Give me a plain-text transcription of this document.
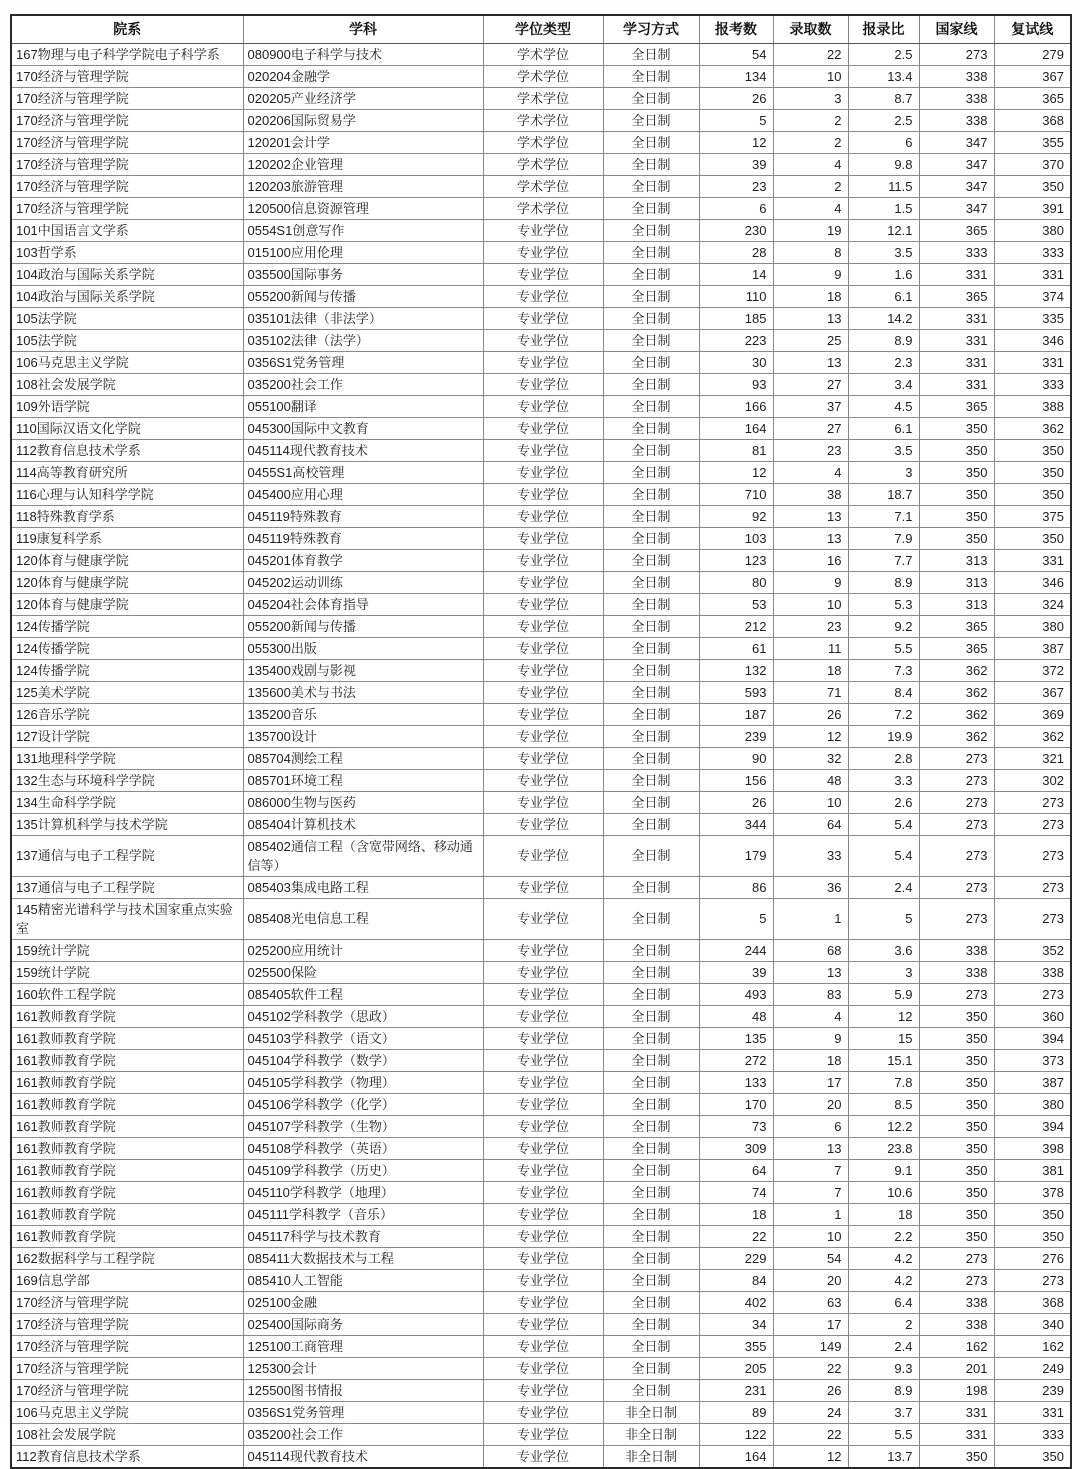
院系	学科	学位类型	学习方式	报考数	录取数	报录比	国家线	复试线
167物理与电子科学学院电子科学系	080900电子科学与技术	学术学位	全日制	54	22	2.5	273	279
170经济与管理学院	020204金融学	学术学位	全日制	134	10	13.4	338	367
170经济与管理学院	020205产业经济学	学术学位	全日制	26	3	8.7	338	365
170经济与管理学院	020206国际贸易学	学术学位	全日制	5	2	2.5	338	368
170经济与管理学院	120201会计学	学术学位	全日制	12	2	6	347	355
170经济与管理学院	120202企业管理	学术学位	全日制	39	4	9.8	347	370
170经济与管理学院	120203旅游管理	学术学位	全日制	23	2	11.5	347	350
170经济与管理学院	120500信息资源管理	学术学位	全日制	6	4	1.5	347	391
101中国语言文学系	0554S1创意写作	专业学位	全日制	230	19	12.1	365	380
103哲学系	015100应用伦理	专业学位	全日制	28	8	3.5	333	333
104政治与国际关系学院	035500国际事务	专业学位	全日制	14	9	1.6	331	331
104政治与国际关系学院	055200新闻与传播	专业学位	全日制	110	18	6.1	365	374
105法学院	035101法律（非法学）	专业学位	全日制	185	13	14.2	331	335
105法学院	035102法律（法学）	专业学位	全日制	223	25	8.9	331	346
106马克思主义学院	0356S1党务管理	专业学位	全日制	30	13	2.3	331	331
108社会发展学院	035200社会工作	专业学位	全日制	93	27	3.4	331	333
109外语学院	055100翻译	专业学位	全日制	166	37	4.5	365	388
110国际汉语文化学院	045300国际中文教育	专业学位	全日制	164	27	6.1	350	362
112教育信息技术学系	045114现代教育技术	专业学位	全日制	81	23	3.5	350	350
114高等教育研究所	0455S1高校管理	专业学位	全日制	12	4	3	350	350
116心理与认知科学学院	045400应用心理	专业学位	全日制	710	38	18.7	350	350
118特殊教育学系	045119特殊教育	专业学位	全日制	92	13	7.1	350	375
119康复科学系	045119特殊教育	专业学位	全日制	103	13	7.9	350	350
120体育与健康学院	045201体育教学	专业学位	全日制	123	16	7.7	313	331
120体育与健康学院	045202运动训练	专业学位	全日制	80	9	8.9	313	346
120体育与健康学院	045204社会体育指导	专业学位	全日制	53	10	5.3	313	324
124传播学院	055200新闻与传播	专业学位	全日制	212	23	9.2	365	380
124传播学院	055300出版	专业学位	全日制	61	11	5.5	365	387
124传播学院	135400戏剧与影视	专业学位	全日制	132	18	7.3	362	372
125美术学院	135600美术与书法	专业学位	全日制	593	71	8.4	362	367
126音乐学院	135200音乐	专业学位	全日制	187	26	7.2	362	369
127设计学院	135700设计	专业学位	全日制	239	12	19.9	362	362
131地理科学学院	085704测绘工程	专业学位	全日制	90	32	2.8	273	321
132生态与环境科学学院	085701环境工程	专业学位	全日制	156	48	3.3	273	302
134生命科学学院	086000生物与医药	专业学位	全日制	26	10	2.6	273	273
135计算机科学与技术学院	085404计算机技术	专业学位	全日制	344	64	5.4	273	273
137通信与电子工程学院	085402通信工程（含宽带网络、移动通信等）	专业学位	全日制	179	33	5.4	273	273
137通信与电子工程学院	085403集成电路工程	专业学位	全日制	86	36	2.4	273	273
145精密光谱科学与技术国家重点实验室	085408光电信息工程	专业学位	全日制	5	1	5	273	273
159统计学院	025200应用统计	专业学位	全日制	244	68	3.6	338	352
159统计学院	025500保险	专业学位	全日制	39	13	3	338	338
160软件工程学院	085405软件工程	专业学位	全日制	493	83	5.9	273	273
161教师教育学院	045102学科教学（思政）	专业学位	全日制	48	4	12	350	360
161教师教育学院	045103学科教学（语文）	专业学位	全日制	135	9	15	350	394
161教师教育学院	045104学科教学（数学）	专业学位	全日制	272	18	15.1	350	373
161教师教育学院	045105学科教学（物理）	专业学位	全日制	133	17	7.8	350	387
161教师教育学院	045106学科教学（化学）	专业学位	全日制	170	20	8.5	350	380
161教师教育学院	045107学科教学（生物）	专业学位	全日制	73	6	12.2	350	394
161教师教育学院	045108学科教学（英语）	专业学位	全日制	309	13	23.8	350	398
161教师教育学院	045109学科教学（历史）	专业学位	全日制	64	7	9.1	350	381
161教师教育学院	045110学科教学（地理）	专业学位	全日制	74	7	10.6	350	378
161教师教育学院	045111学科教学（音乐）	专业学位	全日制	18	1	18	350	350
161教师教育学院	045117科学与技术教育	专业学位	全日制	22	10	2.2	350	350
162数据科学与工程学院	085411大数据技术与工程	专业学位	全日制	229	54	4.2	273	276
169信息学部	085410人工智能	专业学位	全日制	84	20	4.2	273	273
170经济与管理学院	025100金融	专业学位	全日制	402	63	6.4	338	368
170经济与管理学院	025400国际商务	专业学位	全日制	34	17	2	338	340
170经济与管理学院	125100工商管理	专业学位	全日制	355	149	2.4	162	162
170经济与管理学院	125300会计	专业学位	全日制	205	22	9.3	201	249
170经济与管理学院	125500图书情报	专业学位	全日制	231	26	8.9	198	239
106马克思主义学院	0356S1党务管理	专业学位	非全日制	89	24	3.7	331	331
108社会发展学院	035200社会工作	专业学位	非全日制	122	22	5.5	331	333
112教育信息技术学系	045114现代教育技术	专业学位	非全日制	164	12	13.7	350	350
